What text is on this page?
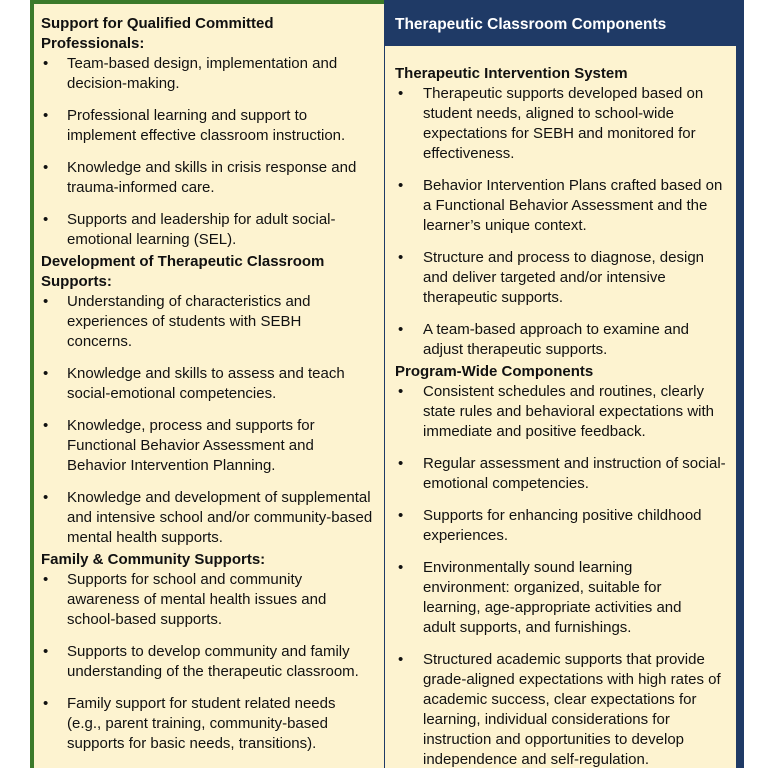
Support for Qualified Committed Professionals:

• Team-based design, implementation and decision-making.
• Professional learning and support to implement effective classroom instruction.
• Knowledge and skills in crisis response and trauma-informed care.
• Supports and leadership for adult social-emotional learning (SEL).

Development of Therapeutic Classroom Supports:

• Understanding of characteristics and experiences of students with SEBH concerns.
• Knowledge and skills to assess and teach social-emotional competencies.
• Knowledge, process and supports for Functional Behavior Assessment and Behavior Intervention Planning.
• Knowledge and development of supplemental and intensive school and/or community-based mental health supports.

Family & Community Supports:

• Supports for school and community awareness of mental health issues and school-based supports.
• Supports to develop community and family understanding of the therapeutic classroom.
• Family support for student related needs (e.g., parent training, community-based supports for basic needs, transitions).
Therapeutic Classroom Components

Therapeutic Intervention System

• Therapeutic supports developed based on student needs, aligned to school-wide expectations for SEBH and monitored for effectiveness.
• Behavior Intervention Plans crafted based on a Functional Behavior Assessment and the learner’s unique context.
• Structure and process to diagnose, design and deliver targeted and/or intensive therapeutic supports.
• A team-based approach to examine and adjust therapeutic supports.

Program-Wide Components

• Consistent schedules and routines, clearly state rules and behavioral expectations with immediate and positive feedback.
• Regular assessment and instruction of social-emotional competencies.
• Supports for enhancing positive childhood experiences.
• Environmentally sound learning environment: organized, suitable for learning, age-appropriate activities and adult supports, and furnishings.
• Structured academic supports that provide grade-aligned expectations with high rates of academic success, clear expectations for learning, individual considerations for instruction and opportunities to develop independence and self-regulation.
